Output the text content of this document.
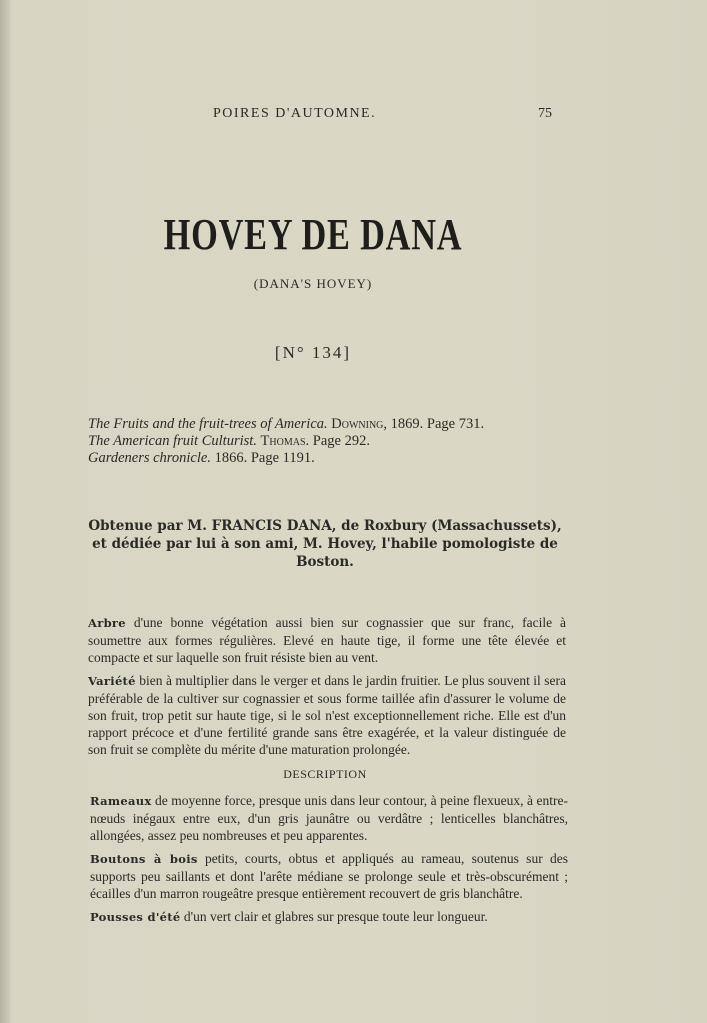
POIRES D'AUTOMNE.	75
HOVEY DE DANA
(DANA'S HOVEY)
[N° 134]
The Fruits and the fruit-trees of America. Downing, 1869. Page 731.
The American fruit Culturist. Thomas. Page 292.
Gardeners chronicle. 1866. Page 1191.
Obtenue par M. FRANCIS DANA, de Roxbury (Massachussets), et dédiée par lui à son ami, M. Hovey, l'habile pomologiste de Boston.

Arbre d'une bonne végétation aussi bien sur cognassier que sur franc, facile à soumettre aux formes régulières. Elevé en haute tige, il forme une tête élevée et compacte et sur laquelle son fruit résiste bien au vent.

Variété bien à multiplier dans le verger et dans le jardin fruitier. Le plus souvent il sera préférable de la cultiver sur cognassier et sous forme taillée afin d'assurer le volume de son fruit, trop petit sur haute tige, si le sol n'est exceptionnellement riche. Elle est d'un rapport précoce et d'une fertilité grande sans être exagérée, et la valeur distinguée de son fruit se complète du mérite d'une maturation prolongée.

DESCRIPTION

Rameaux de moyenne force, presque unis dans leur contour, à peine flexueux, à entre-nœuds inégaux entre eux, d'un gris jaunâtre ou verdâtre ; lenticelles blanchâtres, allongées, assez peu nombreuses et peu apparentes.

Boutons à bois petits, courts, obtus et appliqués au rameau, soutenus sur des supports peu saillants et dont l'arête médiane se prolonge seule et très-obscurément ; écailles d'un marron rougeâtre presque entièrement recouvert de gris blanchâtre.

Pousses d'été d'un vert clair et glabres sur presque toute leur longueur.
